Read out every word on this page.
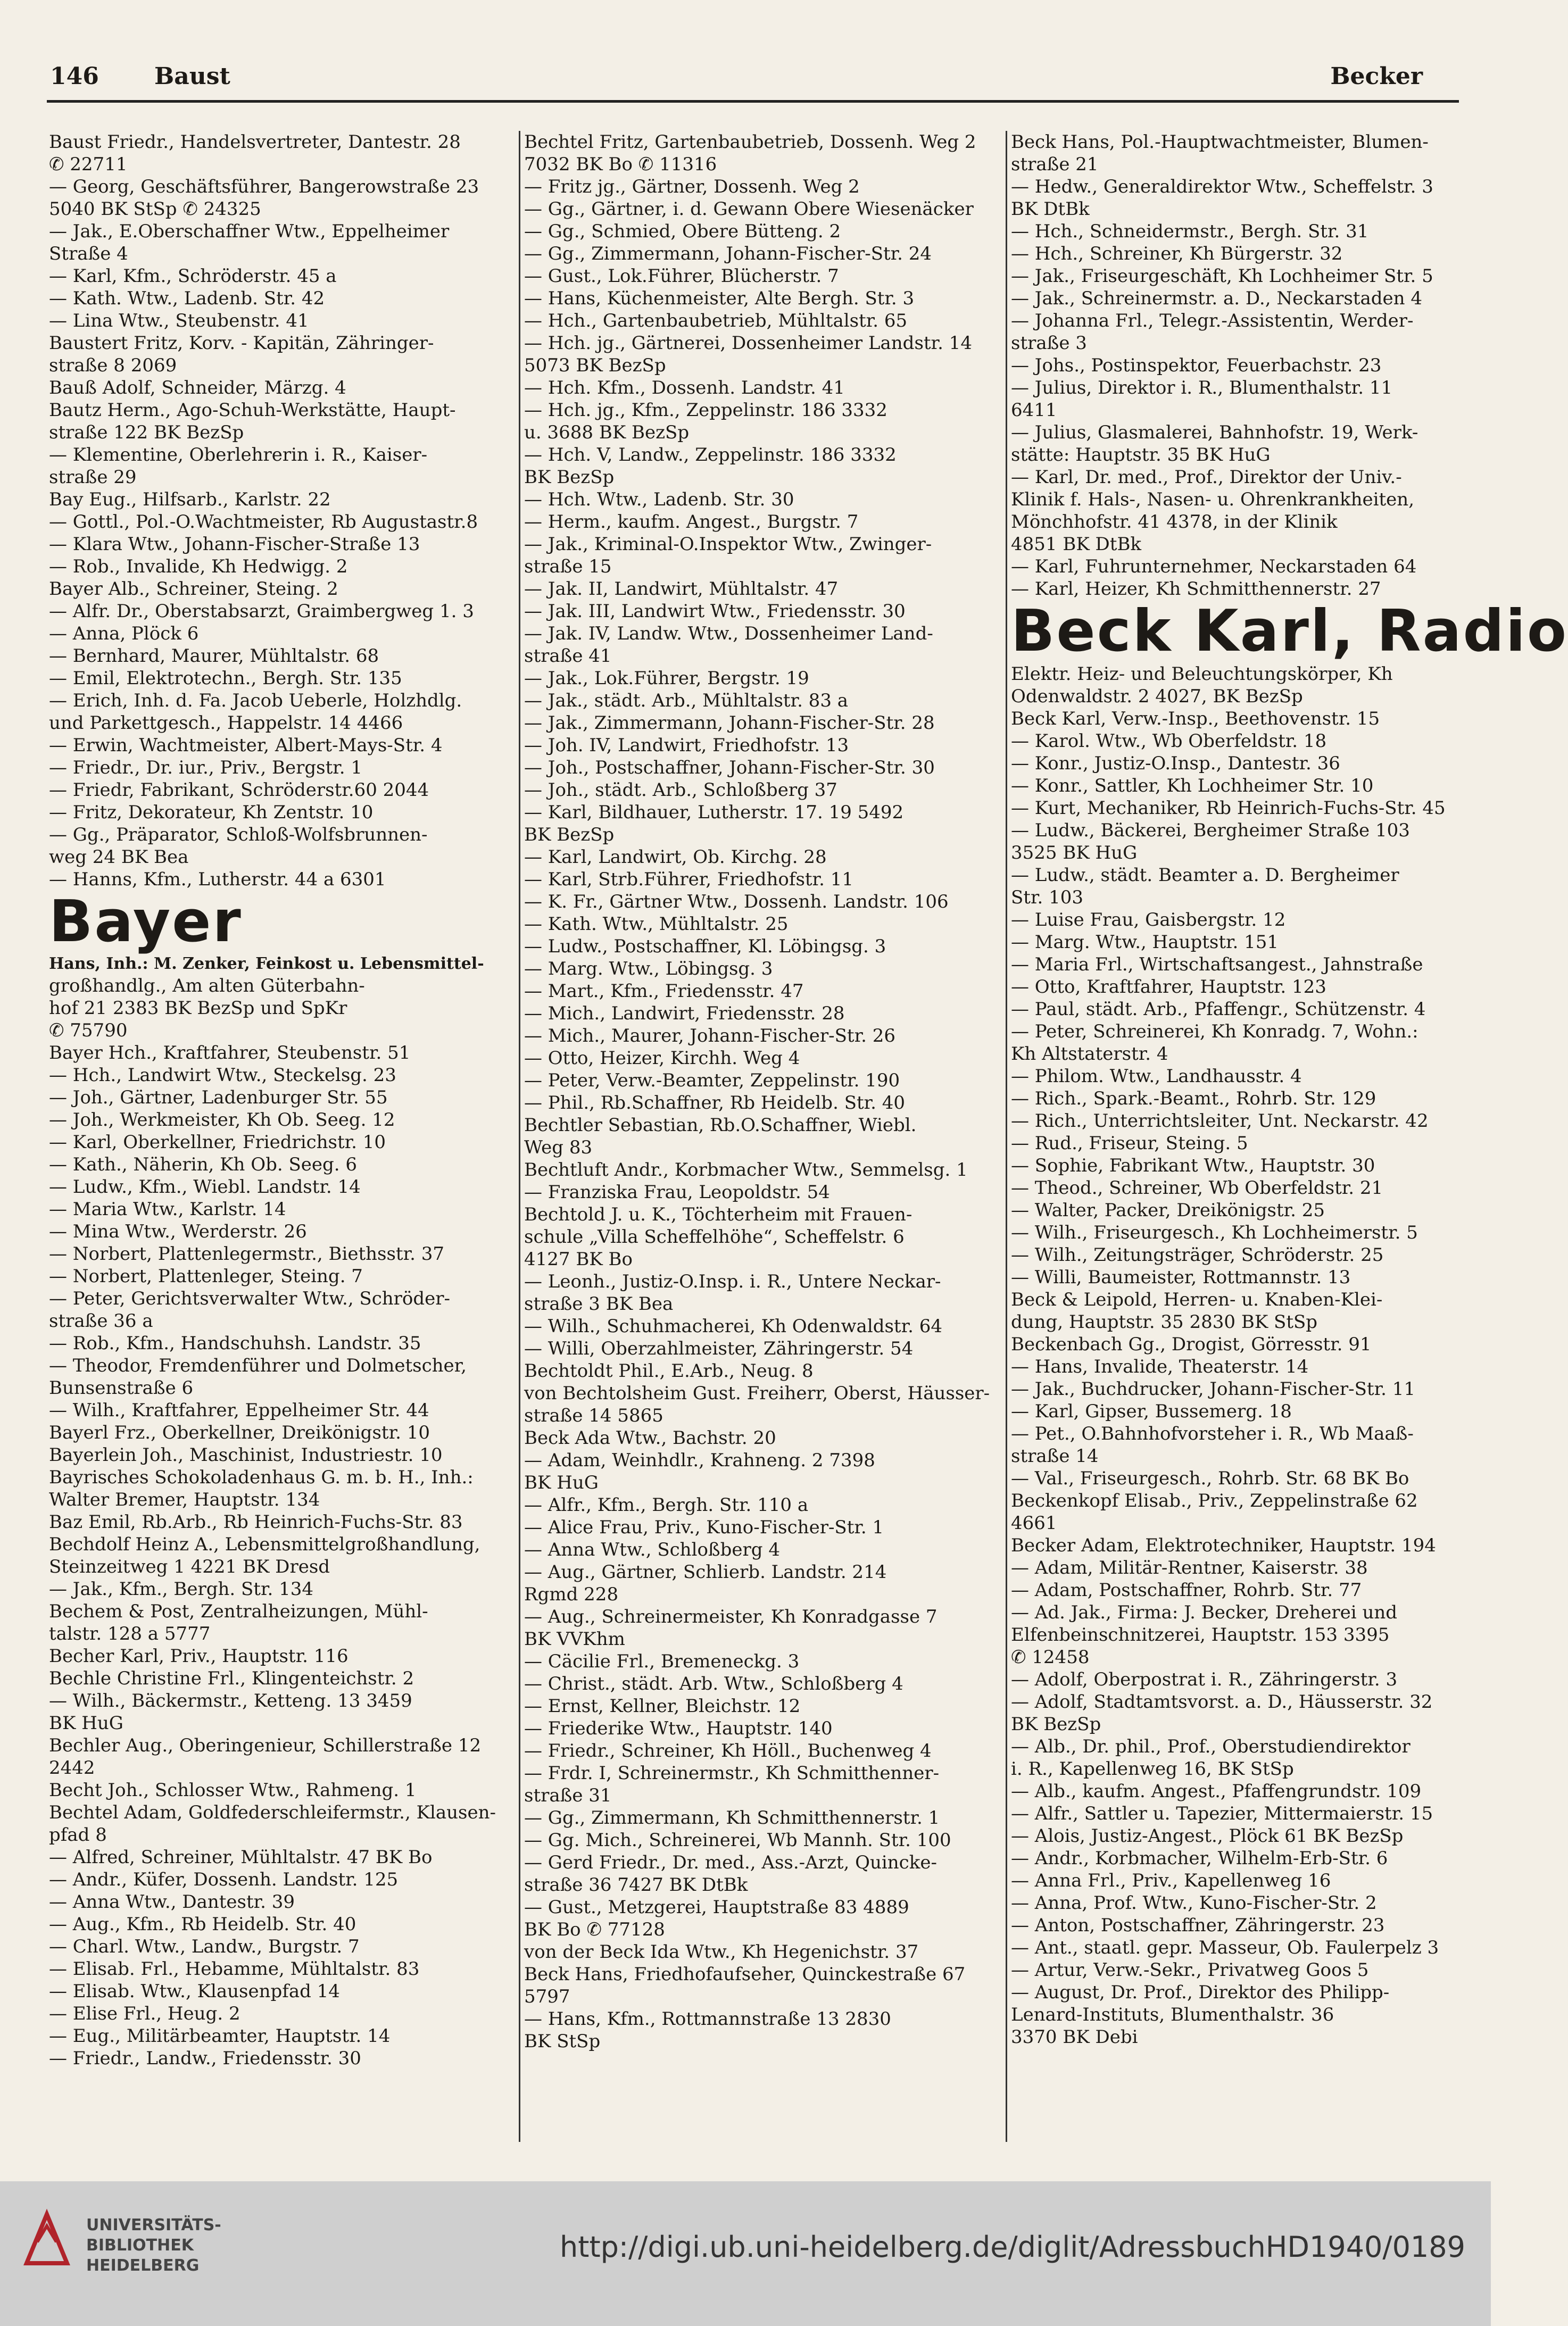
146 Baust	Becker
Baust Friedr., Handelsvertreter, Dantestr. 28
✆ 22711
— Georg, Geschäftsführer, Bangerowstraße 23
5040 BK StSp ✆ 24325
— Jak., E.Oberschaffner Wtw., Eppelheimer
Straße 4
— Karl, Kfm., Schröderstr. 45 a
— Kath. Wtw., Ladenb. Str. 42
— Lina Wtw., Steubenstr. 41
Baustert Fritz, Korv. - Kapitän, Zähringer-
straße 8 2069
Bauß Adolf, Schneider, Märzg. 4
Bautz Herm., Ago-Schuh-Werkstätte, Haupt-
straße 122 BK BezSp
— Klementine, Oberlehrerin i. R., Kaiser-
straße 29
Bay Eug., Hilfsarb., Karlstr. 22
— Gottl., Pol.-O.Wachtmeister, Rb Augustastr.8
— Klara Wtw., Johann-Fischer-Straße 13
— Rob., Invalide, Kh Hedwigg. 2
Bayer Alb., Schreiner, Steing. 2
— Alfr. Dr., Oberstabsarzt, Graimbergweg 1. 3
— Anna, Plöck 6
— Bernhard, Maurer, Mühltalstr. 68
— Emil, Elektrotechn., Bergh. Str. 135
— Erich, Inh. d. Fa. Jacob Ueberle, Holzhdlg.
und Parkettgesch., Happelstr. 14 4466
— Erwin, Wachtmeister, Albert-Mays-Str. 4
— Friedr., Dr. iur., Priv., Bergstr. 1
— Friedr, Fabrikant, Schröderstr.60 2044
— Fritz, Dekorateur, Kh Zentstr. 10
— Gg., Präparator, Schloß-Wolfsbrunnen-
weg 24 BK Bea
— Hanns, Kfm., Lutherstr. 44 a 6301
Bayer
Hans, Inh.: M. Zenker, Feinkost u. Lebensmittel-
großhandlg., Am alten Güterbahn-
hof 21 2383 BK BezSp und SpKr
✆ 75790
Bayer Hch., Kraftfahrer, Steubenstr. 51
— Hch., Landwirt Wtw., Steckelsg. 23
— Joh., Gärtner, Ladenburger Str. 55
— Joh., Werkmeister, Kh Ob. Seeg. 12
— Karl, Oberkellner, Friedrichstr. 10
— Kath., Näherin, Kh Ob. Seeg. 6
— Ludw., Kfm., Wiebl. Landstr. 14
— Maria Wtw., Karlstr. 14
— Mina Wtw., Werderstr. 26
— Norbert, Plattenlegermstr., Biethsstr. 37
— Norbert, Plattenleger, Steing. 7
— Peter, Gerichtsverwalter Wtw., Schröder-
straße 36 a
— Rob., Kfm., Handschuhsh. Landstr. 35
— Theodor, Fremdenführer und Dolmetscher,
Bunsenstraße 6
— Wilh., Kraftfahrer, Eppelheimer Str. 44
Bayerl Frz., Oberkellner, Dreikönigstr. 10
Bayerlein Joh., Maschinist, Industriestr. 10
Bayrisches Schokoladenhaus G. m. b. H., Inh.:
Walter Bremer, Hauptstr. 134
Baz Emil, Rb.Arb., Rb Heinrich-Fuchs-Str. 83
Bechdolf Heinz A., Lebensmittelgroßhandlung,
Steinzeitweg 1 4221 BK Dresd
— Jak., Kfm., Bergh. Str. 134
Bechem & Post, Zentralheizungen, Mühl-
talstr. 128 a 5777
Becher Karl, Priv., Hauptstr. 116
Bechle Christine Frl., Klingenteichstr. 2
— Wilh., Bäckermstr., Ketteng. 13 3459
BK HuG
Bechler Aug., Oberingenieur, Schillerstraße 12
2442
Becht Joh., Schlosser Wtw., Rahmeng. 1
Bechtel Adam, Goldfederschleifermstr., Klausen-
pfad 8
— Alfred, Schreiner, Mühltalstr. 47 BK Bo
— Andr., Küfer, Dossenh. Landstr. 125
— Anna Wtw., Dantestr. 39
— Aug., Kfm., Rb Heidelb. Str. 40
— Charl. Wtw., Landw., Burgstr. 7
— Elisab. Frl., Hebamme, Mühltalstr. 83
— Elisab. Wtw., Klausenpfad 14
— Elise Frl., Heug. 2
— Eug., Militärbeamter, Hauptstr. 14
— Friedr., Landw., Friedensstr. 30
Bechtel Fritz, Gartenbaubetrieb, Dossenh. Weg 2
7032 BK Bo ✆ 11316
— Fritz jg., Gärtner, Dossenh. Weg 2
— Gg., Gärtner, i. d. Gewann Obere Wiesenäcker
— Gg., Schmied, Obere Bütteng. 2
— Gg., Zimmermann, Johann-Fischer-Str. 24
— Gust., Lok.Führer, Blücherstr. 7
— Hans, Küchenmeister, Alte Bergh. Str. 3
— Hch., Gartenbaubetrieb, Mühltalstr. 65
— Hch. jg., Gärtnerei, Dossenheimer Landstr. 14
5073 BK BezSp
— Hch. Kfm., Dossenh. Landstr. 41
— Hch. jg., Kfm., Zeppelinstr. 186 3332
u. 3688 BK BezSp
— Hch. V, Landw., Zeppelinstr. 186 3332
BK BezSp
— Hch. Wtw., Ladenb. Str. 30
— Herm., kaufm. Angest., Burgstr. 7
— Jak., Kriminal-O.Inspektor Wtw., Zwinger-
straße 15
— Jak. II, Landwirt, Mühltalstr. 47
— Jak. III, Landwirt Wtw., Friedensstr. 30
— Jak. IV, Landw. Wtw., Dossenheimer Land-
straße 41
— Jak., Lok.Führer, Bergstr. 19
— Jak., städt. Arb., Mühltalstr. 83 a
— Jak., Zimmermann, Johann-Fischer-Str. 28
— Joh. IV, Landwirt, Friedhofstr. 13
— Joh., Postschaffner, Johann-Fischer-Str. 30
— Joh., städt. Arb., Schloßberg 37
— Karl, Bildhauer, Lutherstr. 17. 19 5492
BK BezSp
— Karl, Landwirt, Ob. Kirchg. 28
— Karl, Strb.Führer, Friedhofstr. 11
— K. Fr., Gärtner Wtw., Dossenh. Landstr. 106
— Kath. Wtw., Mühltalstr. 25
— Ludw., Postschaffner, Kl. Löbingsg. 3
— Marg. Wtw., Löbingsg. 3
— Mart., Kfm., Friedensstr. 47
— Mich., Landwirt, Friedensstr. 28
— Mich., Maurer, Johann-Fischer-Str. 26
— Otto, Heizer, Kirchh. Weg 4
— Peter, Verw.-Beamter, Zeppelinstr. 190
— Phil., Rb.Schaffner, Rb Heidelb. Str. 40
Bechtler Sebastian, Rb.O.Schaffner, Wiebl.
Weg 83
Bechtluft Andr., Korbmacher Wtw., Semmelsg. 1
— Franziska Frau, Leopoldstr. 54
Bechtold J. u. K., Töchterheim mit Frauen-
schule „Villa Scheffelhöhe“, Scheffelstr. 6
4127 BK Bo
— Leonh., Justiz-O.Insp. i. R., Untere Neckar-
straße 3 BK Bea
— Wilh., Schuhmacherei, Kh Odenwaldstr. 64
— Willi, Oberzahlmeister, Zähringerstr. 54
Bechtoldt Phil., E.Arb., Neug. 8
von Bechtolsheim Gust. Freiherr, Oberst, Häusser-
straße 14 5865
Beck Ada Wtw., Bachstr. 20
— Adam, Weinhdlr., Krahneng. 2 7398
BK HuG
— Alfr., Kfm., Bergh. Str. 110 a
— Alice Frau, Priv., Kuno-Fischer-Str. 1
— Anna Wtw., Schloßberg 4
— Aug., Gärtner, Schlierb. Landstr. 214
Rgmd 228
— Aug., Schreinermeister, Kh Konradgasse 7
BK VVKhm
— Cäcilie Frl., Bremeneckg. 3
— Christ., städt. Arb. Wtw., Schloßberg 4
— Ernst, Kellner, Bleichstr. 12
— Friederike Wtw., Hauptstr. 140
— Friedr., Schreiner, Kh Höll., Buchenweg 4
— Frdr. I, Schreinermstr., Kh Schmitthenner-
straße 31
— Gg., Zimmermann, Kh Schmitthennerstr. 1
— Gg. Mich., Schreinerei, Wb Mannh. Str. 100
— Gerd Friedr., Dr. med., Ass.-Arzt, Quincke-
straße 36 7427 BK DtBk
— Gust., Metzgerei, Hauptstraße 83 4889
BK Bo ✆ 77128
von der Beck Ida Wtw., Kh Hegenichstr. 37
Beck Hans, Friedhofaufseher, Quinckestraße 67
5797
— Hans, Kfm., Rottmannstraße 13 2830
BK StSp
Beck Hans, Pol.-Hauptwachtmeister, Blumen-
straße 21
— Hedw., Generaldirektor Wtw., Scheffelstr. 3
BK DtBk
— Hch., Schneidermstr., Bergh. Str. 31
— Hch., Schreiner, Kh Bürgerstr. 32
— Jak., Friseurgeschäft, Kh Lochheimer Str. 5
— Jak., Schreinermstr. a. D., Neckarstaden 4
— Johanna Frl., Telegr.-Assistentin, Werder-
straße 3
— Johs., Postinspektor, Feuerbachstr. 23
— Julius, Direktor i. R., Blumenthalstr. 11
6411
— Julius, Glasmalerei, Bahnhofstr. 19, Werk-
stätte: Hauptstr. 35 BK HuG
— Karl, Dr. med., Prof., Direktor der Univ.-
Klinik f. Hals-, Nasen- u. Ohrenkrankheiten,
Mönchhofstr. 41 4378, in der Klinik
4851 BK DtBk
— Karl, Fuhrunternehmer, Neckarstaden 64
— Karl, Heizer, Kh Schmitthennerstr. 27
Beck Karl, Radio
Elektr. Heiz- und Beleuchtungskörper, Kh
Odenwaldstr. 2 4027, BK BezSp
Beck Karl, Verw.-Insp., Beethovenstr. 15
— Karol. Wtw., Wb Oberfeldstr. 18
— Konr., Justiz-O.Insp., Dantestr. 36
— Konr., Sattler, Kh Lochheimer Str. 10
— Kurt, Mechaniker, Rb Heinrich-Fuchs-Str. 45
— Ludw., Bäckerei, Bergheimer Straße 103
3525 BK HuG
— Ludw., städt. Beamter a. D. Bergheimer
Str. 103
— Luise Frau, Gaisbergstr. 12
— Marg. Wtw., Hauptstr. 151
— Maria Frl., Wirtschaftsangest., Jahnstraße
— Otto, Kraftfahrer, Hauptstr. 123
— Paul, städt. Arb., Pfaffengr., Schützenstr. 4
— Peter, Schreinerei, Kh Konradg. 7, Wohn.:
Kh Altstaterstr. 4
— Philom. Wtw., Landhausstr. 4
— Rich., Spark.-Beamt., Rohrb. Str. 129
— Rich., Unterrichtsleiter, Unt. Neckarstr. 42
— Rud., Friseur, Steing. 5
— Sophie, Fabrikant Wtw., Hauptstr. 30
— Theod., Schreiner, Wb Oberfeldstr. 21
— Walter, Packer, Dreikönigstr. 25
— Wilh., Friseurgesch., Kh Lochheimerstr. 5
— Wilh., Zeitungsträger, Schröderstr. 25
— Willi, Baumeister, Rottmannstr. 13
Beck & Leipold, Herren- u. Knaben-Klei-
dung, Hauptstr. 35 2830 BK StSp
Beckenbach Gg., Drogist, Görresstr. 91
— Hans, Invalide, Theaterstr. 14
— Jak., Buchdrucker, Johann-Fischer-Str. 11
— Karl, Gipser, Bussemerg. 18
— Pet., O.Bahnhofvorsteher i. R., Wb Maaß-
straße 14
— Val., Friseurgesch., Rohrb. Str. 68 BK Bo
Beckenkopf Elisab., Priv., Zeppelinstraße 62
4661
Becker Adam, Elektrotechniker, Hauptstr. 194
— Adam, Militär-Rentner, Kaiserstr. 38
— Adam, Postschaffner, Rohrb. Str. 77
— Ad. Jak., Firma: J. Becker, Dreherei und
Elfenbeinschnitzerei, Hauptstr. 153 3395
✆ 12458
— Adolf, Oberpostrat i. R., Zähringerstr. 3
— Adolf, Stadtamtsvorst. a. D., Häusserstr. 32
BK BezSp
— Alb., Dr. phil., Prof., Oberstudiendirektor
i. R., Kapellenweg 16, BK StSp
— Alb., kaufm. Angest., Pfaffengrundstr. 109
— Alfr., Sattler u. Tapezier, Mittermaierstr. 15
— Alois, Justiz-Angest., Plöck 61 BK BezSp
— Andr., Korbmacher, Wilhelm-Erb-Str. 6
— Anna Frl., Priv., Kapellenweg 16
— Anna, Prof. Wtw., Kuno-Fischer-Str. 2
— Anton, Postschaffner, Zähringerstr. 23
— Ant., staatl. gepr. Masseur, Ob. Faulerpelz 3
— Artur, Verw.-Sekr., Privatweg Goos 5
— August, Dr. Prof., Direktor des Philipp-
Lenard-Instituts, Blumenthalstr. 36
3370 BK Debi
UNIVERSITÄTS-
BIBLIOTHEK
HEIDELBERG
http://digi.ub.uni-heidelberg.de/diglit/AdressbuchHD1940/0189
